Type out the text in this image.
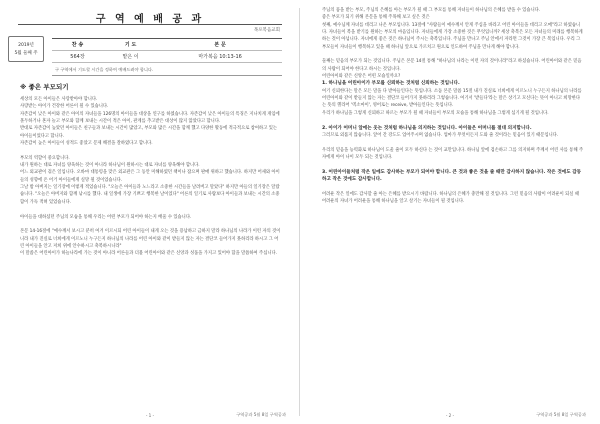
구 역 예 배 공 과
목포복음교회
2019년
5월 둘째 주
찬 송	기 도	본 문
564장	맡은 이	마가복음 10:13-16
구 구역에서 기도할 시간을 정하여 예배드려야 합니다.
※ 좋은 부모되기

세상의 모든 아이들은 사랑받아야 합니다.

사랑받는 아이가 건강한 어른이 될 수 있습니다.

자존감이 낮은 아이와 같은 아이의 자녀들을 126명의 아이들을 대상을 연구를 하였습니다. 자존감이 낮은 아이들의 특징은 지나치게 게임에 몰두하거나 혼자 놀고 부모와 함께 보내는 시간이 적은 아이, 관계를 추고받은 대상이 많지 않았다고 합니다.

반대로 자존감이 높았던 아이들은 친구들과 보내는 시간이 많았고, 부모와 많은 시간을 함께 했고 다양한 활동에 적극적으로 참여하고 있는 아이들이었다고 합니다.

자존감이 높은 아이들이 성적도 좋았고 문제 해결을 잘하였다고 합니다.

부모의 역할이 중요합니다.

내가 원하는 대로 자녀를 양육하는 것이 아니라 하나님이 원하시는 대로 자녀를 양육해야 합니다.

어느 외교관이 겪은 일입니다. 오바마 대통령을 맞은 외교관은 그 동안 미해하였던 책이나 잡으며 판매 위하고 했습니다. 하지만 어새와 아이들의 성향에 온 어거 아이들에게 실망 될 것이었습니다.

그날 밤 아버지는 일기장에 이렇게 적었습니다. "오늘은 아이들과 노느라고 소중한 시간들을 날려버고 말았다" 하지만 아들의 일기장은 달랐습니다. "오늘은 아버지와 함께 낚시를 했다. 내 일생에 가장 기쁘고 행복한 날이었다" 어른의 일기로 사람보다 아이들과 보내는 시간의 소중함이 가득 적혀 있었습니다.

아이들을 대하셨던 주님의 모습을 통해 우리는 어떤 부모가 되어야 하는지 배울 수 있습니다.

본문 14-16절에 "예수께서 보시고 분히 여겨 이르시되 어린 아이들이 내게 오는 것을 용납하고 금하지 말라 하나님의 나라가 이런 자의 것이니라 내가 진실로 너희에게 이르노니 누구든지 하나님의 나라를 어린 아이와 같이 받들지 않는 자는 결단코 들어가지 못하리라 하시고 그 어린 아이들을 안고 저희 위에 안수하시고 축복하시니라"

이 말씀은 어린아이가 하늘나라에 가는 것이 아니라 어른들과 더불 어린아이와 같은 신앙과 성품을 가지고 있어야 함을 말씀하여 주십니다.

- 1 -	구역공과 5월 8일 구역공과

주님의 품을 받는 부모, 주님의 은혜를 아는 부모가 될 때 그 부모를 통해 자녀들이 하나님의 은혜를 받을 수 있습니다.

좋은 부모가 되기 위해 본문을 통해 주목해 보고 싶은 것은

첫째, 예수님께 자녀를 데리고 나온 부모입니다. 13절에 "사람들이 예수께서 안게 주심을 바라고 어린 아이들을 데리고 오매"라고 하였습니다. 자녀들이 복을 받기를 원하는 부모의 마음입니다. 자녀들에게 가장 소중한 것은 무엇입니까? 세상 축복은 모든 자녀들의 미래를 행복하게 하는 것이 아닙니다. 자녀에게 좋은 것은 하나님이 주시는 축복입니다. 주님을 만나고 주님 안에서 자라면 그것이 가장 큰 복입니다. 우리 그 부모들이 자녀들이 행복하고 있을 때 하나님 앞으로 가르치고 원으로 인도하여 주님을 만나게 해야 합니다.

둘째는 믿음의 부모가 되는 것입니다. 주님은 본문 14절 통해 "하나님의 나라는 이런 자의 것이니라"라고 하셨습니다. 어린아이와 같은 믿음의 사람이 되어야 한다고 하시는 것입니다.

어린아이와 같은 신앙은 어떤 모습일까요?

1. 하나님을 어린아이가 부모를 신뢰하는 것처럼 신뢰하는 것입니다.

여기 신뢰한다는 말은 모든 말을 다 받아들인다는 뜻입니다. 소돔 본문 말씀 15절 내가 진실로 너희에게 이르노니 누구든지 하나님의 나라를 어린아이와 같이 받들지 않는 자는 결단코 들어가지 못하리라 그렇습니다. 여기서 '받들다'라는 말은 상기고 모신다는 뜻이 아니고 희망한다는 뜻의 헬라어 '덱소마이', 영어로는 receive, 받아들인다는 뜻입니다.

우리가 하나님을 그렇게 신뢰하고 따르는 부모가 될 때 자녀들이 부모의 모습을 통해 하나님을 그렇게 섬기게 될 것입니다.

2. 아이가 어머니 앞에는 웃는 것처럼 하나님을 의지하는 것입니다. 아이들은 어머니를 절대 의지합니다.

그러므로 외롭지 않습니다. 앞어 간 강도도 업어주시며 없습니다. 업마가 무엇이든지 도와 줄 것이라는 믿음이 있기 때문입니다.

우리의 믿음을 능력화로 하나님이 도울 줄이 모두 하신다 는 것이 교만입니다. 하나님 앞에 겸손하고 그를 의지하며 주께서 어린 사를 통해 주 자에게 아이 나이 모두 되는 것입니다.

3. 어린아이들처럼 작은 일에도 감사하는 부모가 되어야 합니다. 큰 것과 좋은 것을 줄 때만 감사하지 않습니다. 작은 것에도 감동하고 작은 것에도 감사합니다.

어려운 작은 일에도 감사할 줄 아는 은혜를 받으시기 바랍니다. 하나님의 은혜가 충만해 질 것입니다. 그런 믿음의 사람이 어려운이 되실 때 어려운의 자녀가 어려운을 통해 하나님을 알고 살기는 자녀들이 될 것입니다.

- 2 -	구역공과 5월 8일 구역공과
